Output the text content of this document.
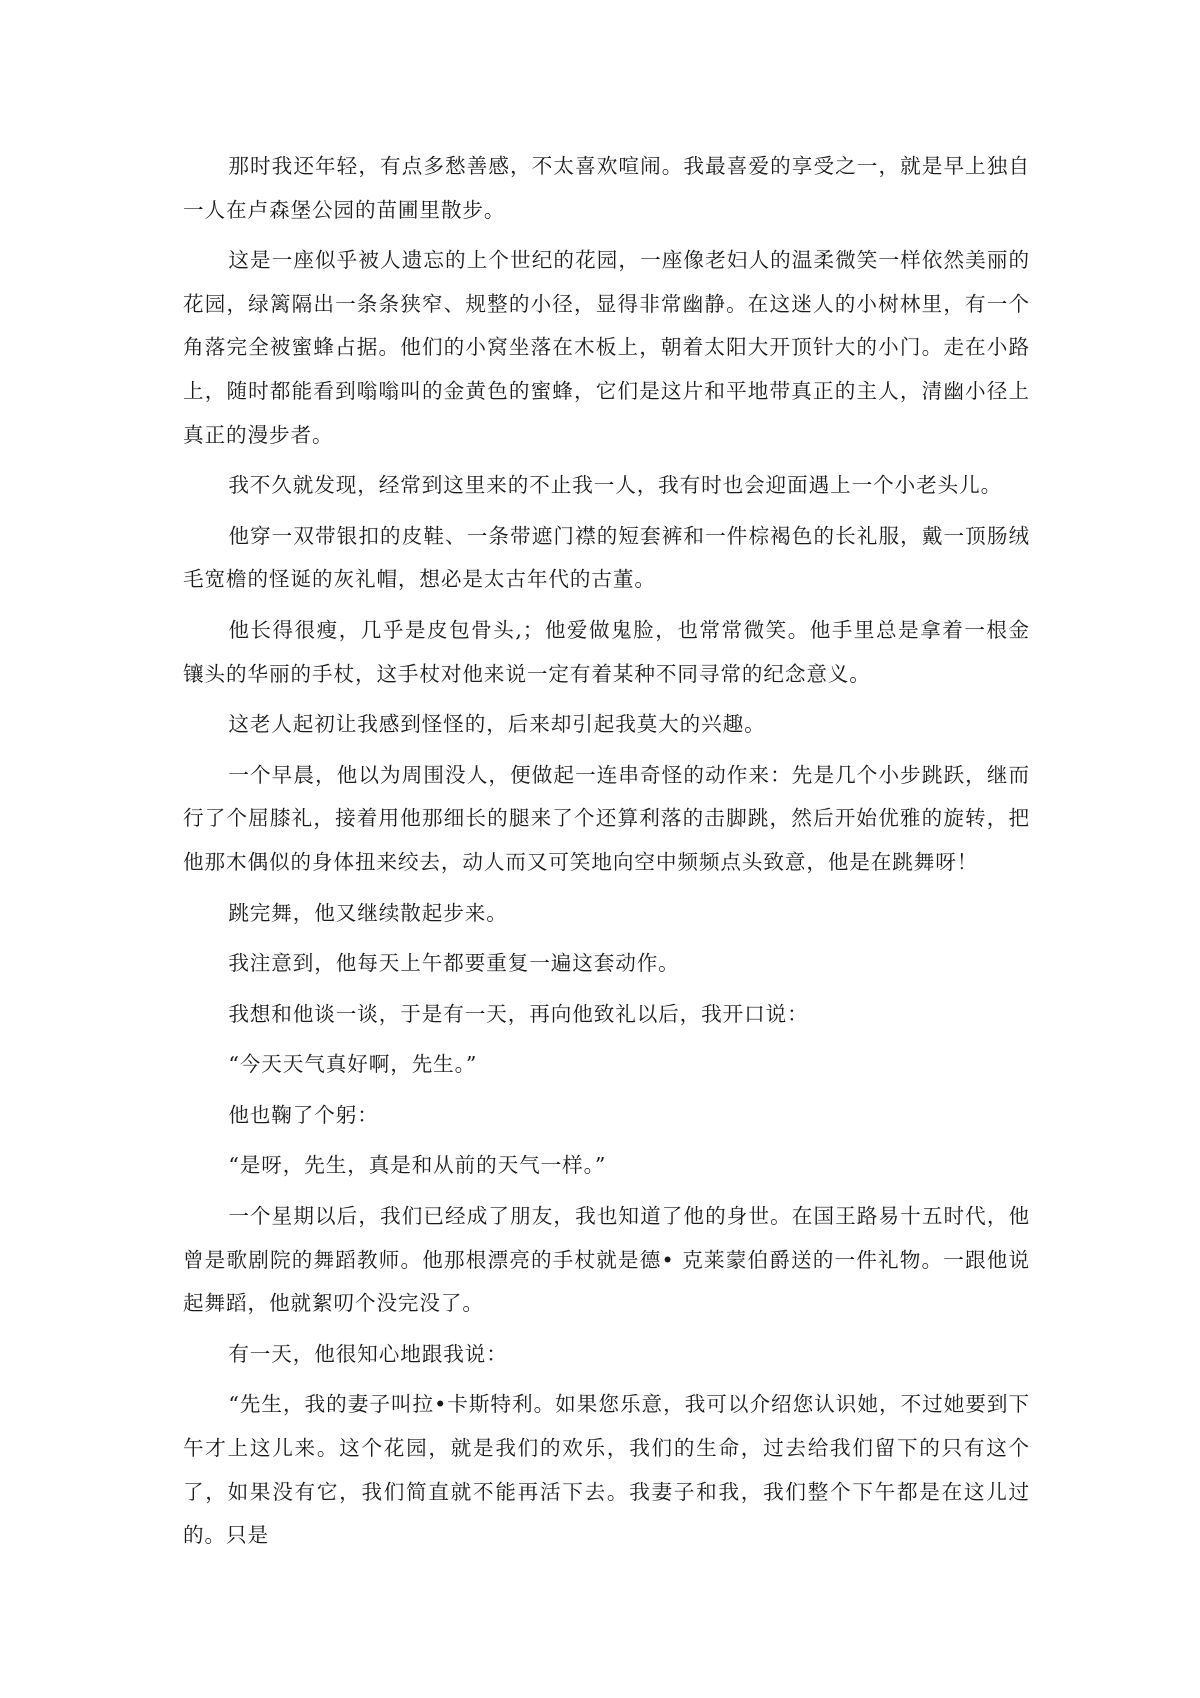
那时我还年轻，有点多愁善感，不太喜欢喧闹。我最喜爱的享受之一，就是早上独自一人在卢森堡公园的苗圃里散步。

这是一座似乎被人遗忘的上个世纪的花园，一座像老妇人的温柔微笑一样依然美丽的花园，绿篱隔出一条条狭窄、规整的小径，显得非常幽静。在这迷人的小树林里，有一个角落完全被蜜蜂占据。他们的小窝坐落在木板上，朝着太阳大开顶针大的小门。走在小路上，随时都能看到嗡嗡叫的金黄色的蜜蜂，它们是这片和平地带真正的主人，清幽小径上真正的漫步者。

我不久就发现，经常到这里来的不止我一人，我有时也会迎面遇上一个小老头儿。

他穿一双带银扣的皮鞋、一条带遮门襟的短套裤和一件棕褐色的长礼服，戴一顶肠绒毛宽檐的怪诞的灰礼帽，想必是太古年代的古董。

他长得很瘦，几乎是皮包骨头,；他爱做鬼脸，也常常微笑。他手里总是拿着一根金镶头的华丽的手杖，这手杖对他来说一定有着某种不同寻常的纪念意义。

这老人起初让我感到怪怪的，后来却引起我莫大的兴趣。

一个早晨，他以为周围没人，便做起一连串奇怪的动作来：先是几个小步跳跃，继而行了个屈膝礼，接着用他那细长的腿来了个还算利落的击脚跳，然后开始优雅的旋转，把他那木偶似的身体扭来绞去，动人而又可笑地向空中频频点头致意，他是在跳舞呀！

跳完舞，他又继续散起步来。

我注意到，他每天上午都要重复一遍这套动作。

我想和他谈一谈，于是有一天，再向他致礼以后，我开口说：

“今天天气真好啊，先生。”

他也鞠了个躬：

“是呀，先生，真是和从前的天气一样。”

一个星期以后，我们已经成了朋友，我也知道了他的身世。在国王路易十五时代，他曾是歌剧院的舞蹈教师。他那根漂亮的手杖就是德• 克莱蒙伯爵送的一件礼物。一跟他说起舞蹈，他就絮叨个没完没了。

有一天，他很知心地跟我说：

“先生，我的妻子叫拉•卡斯特利。如果您乐意，我可以介绍您认识她，不过她要到下午才上这儿来。这个花园，就是我们的欢乐，我们的生命，过去给我们留下的只有这个了，如果没有它，我们简直就不能再活下去。我妻子和我，我们整个下午都是在这儿过的。只是
